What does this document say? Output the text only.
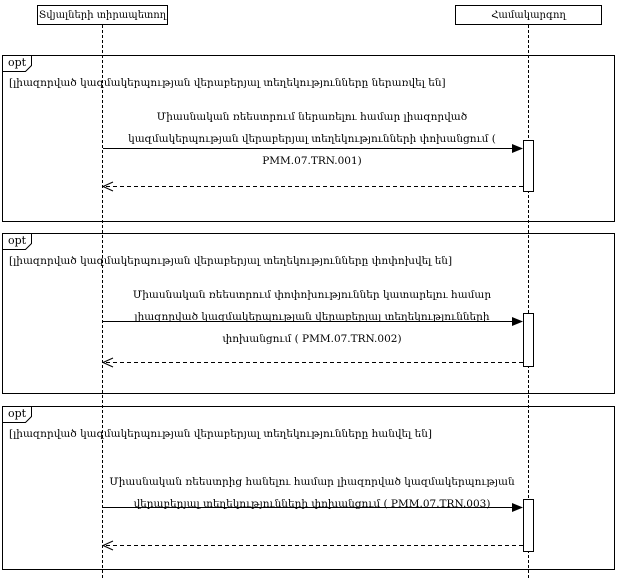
Տվյալների տիրապետող	Համակարգող
opt
[լիազորված կազմակերպության վերաբերյալ տեղեկությունները ներառվել են]
Միասնական ռեեստրում ներառելու համար լիազորված կազմակերպության վերաբերյալ տեղեկությունների փոխանցում ( PMM.07.TRN.001)
opt
[լիազորված կազմակերպության վերաբերյալ տեղեկությունները փոփոխվել են]
Միասնական ռեեստրում փոփոխություններ կատարելու համար լիազորված կազմակերպության վերաբերյալ տեղեկությունների փոխանցում ( PMM.07.TRN.002)
opt
[լիազորված կազմակերպության վերաբերյալ տեղեկությունները հանվել են]
Միասնական ռեեստրից հանելու համար լիազորված կազմակերպության վերաբերյալ տեղեկությունների փոխանցում ( PMM.07.TRN.003)
